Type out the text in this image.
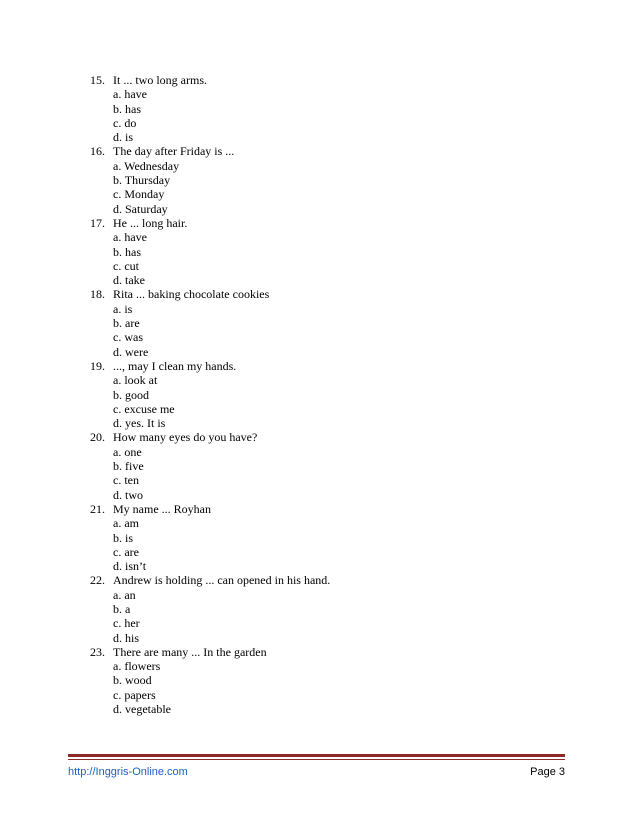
15. It ... two long arms.
a. have
b. has
c. do
d. is
16. The day after Friday is ...
a. Wednesday
b. Thursday
c. Monday
d. Saturday
17. He ... long hair.
a. have
b. has
c. cut
d. take
18. Rita ... baking chocolate cookies
a. is
b. are
c. was
d. were
19. ..., may I clean my hands.
a. look at
b. good
c. excuse me
d. yes. It is
20. How many eyes do you have?
a. one
b. five
c. ten
d. two
21. My name ... Royhan
a. am
b. is
c. are
d. isn’t
22. Andrew is holding ... can opened in his hand.
a. an
b. a
c. her
d. his
23. There are many ... In the garden
a. flowers
b. wood
c. papers
d. vegetable
http://Inggris-Online.com	Page 3
